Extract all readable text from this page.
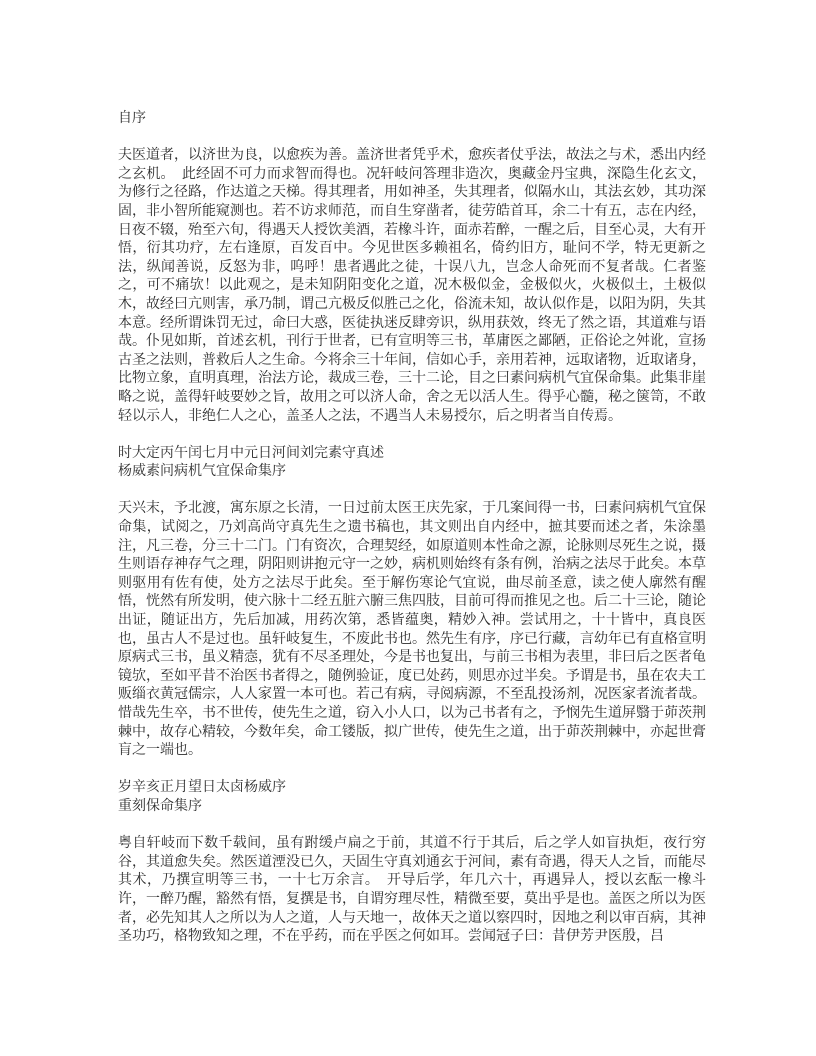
自序
夫医道者，以济世为良，以愈疾为善。盖济世者凭乎术，愈疾者仗乎法，故法之与术，悉出内经之玄机。　此经固不可力而求智而得也。况轩岐问答理非造次，奥藏金丹宝典，深隐生化玄文，为修行之径路，作达道之天梯。得其理者，用如神圣，失其理者，似隔水山，其法玄妙，其功深固，非小智所能窥测也。若不访求师范，而自生穿凿者，徒劳皓首耳，余二十有五，志在内经，日夜不辍，殆至六旬，得遇天人授饮美酒，若橡斗许，面赤若醉，一醒之后，目至心灵，大有开悟，衍其功疗，左右逢原，百发百中。今见世医多赖祖名，倚约旧方，耻问不学，特无更新之法，纵闻善说，反怒为非，呜呼！患者遇此之徒，十误八九，岂念人命死而不复者哉。仁者鉴之，可不痛欤！以此观之，是未知阴阳变化之道，况木极似金，金极似火，火极似土，土极似木，故经曰亢则害，承乃制，谓己亢极反似胜己之化，俗流未知，故认似作是，以阳为阴，失其本意。经所谓诛罚无过，命曰大惑，医徒执迷反肆旁识，纵用获效，终无了然之语，其道难与语哉。仆见如斯，首述玄机，刊行于世者，已有宣明等三书，革庸医之鄙陋，正俗论之舛讹，宣扬古圣之法则，普救后人之生命。今将余三十年间，信如心手，亲用若神，远取诸物，近取诸身，比物立象，直明真理，治法方论，裁成三卷，三十二论，目之曰素问病机气宜保命集。此集非崖略之说，盖得轩岐要妙之旨，故用之可以济人命，舍之无以活人生。得乎心髓，秘之箧笥，不敢轻以示人，非绝仁人之心，盖圣人之法，不遇当人未易授尔，后之明者当自传焉。
时大定丙午闰七月中元日河间刘完素守真述
杨威素问病机气宜保命集序
天兴末，予北渡，寓东原之长清，一日过前太医王庆先家，于几案间得一书，曰素问病机气宜保命集，试阅之，乃刘高尚守真先生之遗书稿也，其文则出自内经中，摭其要而述之者，朱涂墨注，凡三卷，分三十二门。门有资次，合理契经，如原道则本性命之源，论脉则尽死生之说，摄生则语存神存气之理，阴阳则讲抱元守一之妙，病机则始终有条有例，治病之法尽于此矣。本草则驱用有佐有使，处方之法尽于此矣。至于解伤寒论气宜说，曲尽前圣意，读之使人廓然有醒悟，恍然有所发明，使六脉十二经五脏六腑三焦四肢，目前可得而推见之也。后二十三论，随论出证，随证出方，先后加减，用药次第，悉皆蕴奥，精妙入神。尝试用之，十十皆中，真良医也，虽古人不是过也。虽轩岐复生，不废此书也。然先生有序，序已行藏，言幼年已有直格宣明原病式三书，虽义精悫，犹有不尽圣理处，今是书也复出，与前三书相为表里，非曰后之医者龟镜欤，至如平昔不治医书者得之，随例验证，度已处药，则思亦过半矣。予谓是书，虽在农夫工贩缁衣黄冠儒宗，人人家置一本可也。若己有病，寻阅病源，不至乱投汤剂，况医家者流者哉。惜哉先生卒，书不世传，使先生之道，窃入小人口，以为己书者有之，予悯先生道屏翳于茆茨荆棘中，故存心精较，今数年矣，命工镂版，拟广世传，使先生之道，出于茆茨荆棘中，亦起世膏肓之一端也。
岁辛亥正月望日太卤杨威序
重刻保命集序
粤自轩岐而下数千载间，虽有跗缓卢扁之于前，其道不行于其后，后之学人如盲执炬，夜行穷谷，其道愈失矣。然医道湮没已久，天固生守真刘通玄于河间，素有奇遇，得天人之旨，而能尽其术，乃撰宣明等三书，一十七万余言。　开导后学，年几六十，再遇异人，授以玄酝一橡斗许，一醉乃醒，豁然有悟，复撰是书，自谓穷理尽性，精微至要，莫出乎是也。盖医之所以为医者，必先知其人之所以为人之道，人与天地一，故体天之道以察四时，因地之利以审百病，其神圣功巧，格物致知之理，不在乎药，而在乎医之何如耳。尝闻冠子曰：昔伊芳尹医殷，吕
